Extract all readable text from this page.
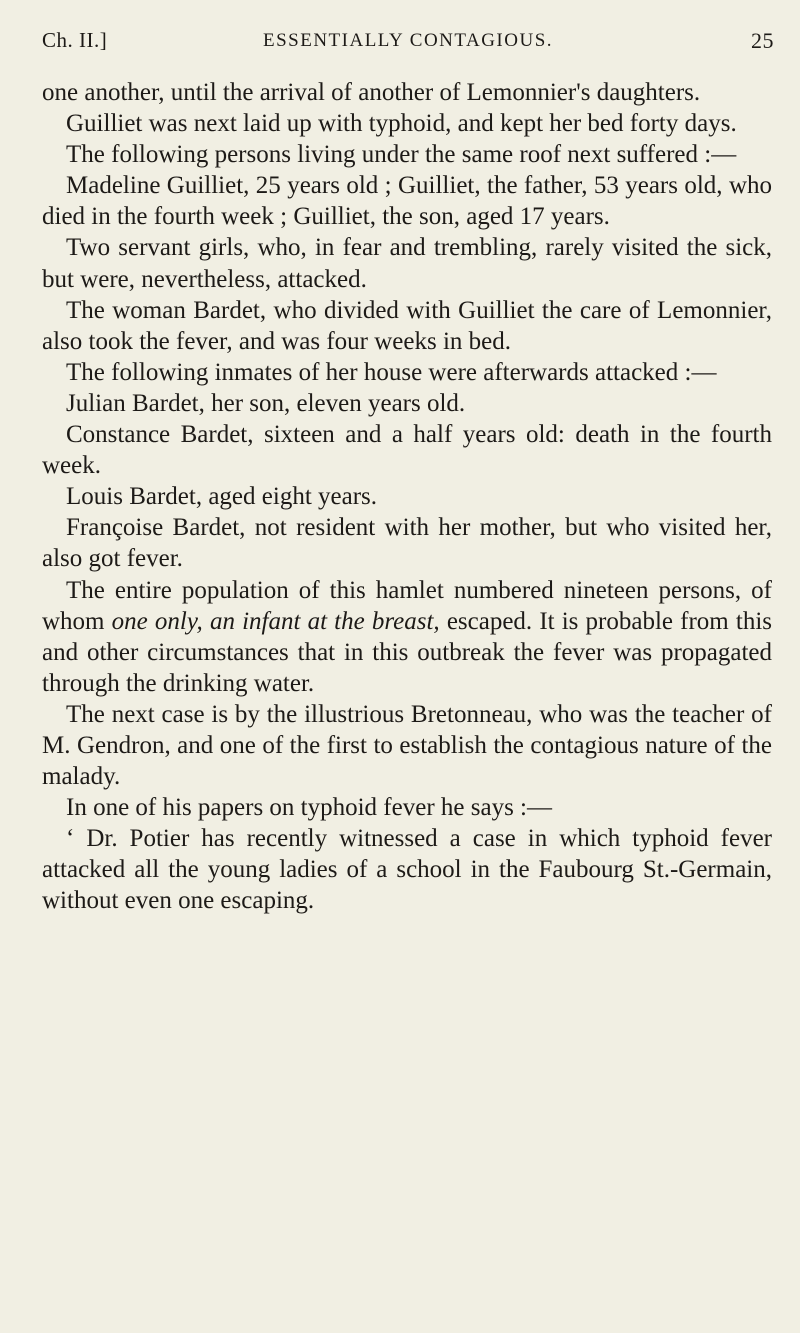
Ch. II.]	ESSENTIALLY CONTAGIOUS.	25

one another, until the arrival of another of Lemonnier's daughters.

Guilliet was next laid up with typhoid, and kept her bed forty days.

The following persons living under the same roof next suffered :—

Madeline Guilliet, 25 years old ; Guilliet, the father, 53 years old, who died in the fourth week ; Guilliet, the son, aged 17 years.

Two servant girls, who, in fear and trembling, rarely visited the sick, but were, nevertheless, attacked.

The woman Bardet, who divided with Guilliet the care of Lemonnier, also took the fever, and was four weeks in bed.

The following inmates of her house were afterwards attacked :—

Julian Bardet, her son, eleven years old.

Constance Bardet, sixteen and a half years old: death in the fourth week.

Louis Bardet, aged eight years.

Françoise Bardet, not resident with her mother, but who visited her, also got fever.

The entire population of this hamlet numbered nineteen persons, of whom one only, an infant at the breast, escaped. It is probable from this and other circumstances that in this outbreak the fever was propagated through the drinking water.

The next case is by the illustrious Bretonneau, who was the teacher of M. Gendron, and one of the first to establish the contagious nature of the malady.

In one of his papers on typhoid fever he says :—

‘ Dr. Potier has recently witnessed a case in which typhoid fever attacked all the young ladies of a school in the Faubourg St.-Germain, without even one escaping.
